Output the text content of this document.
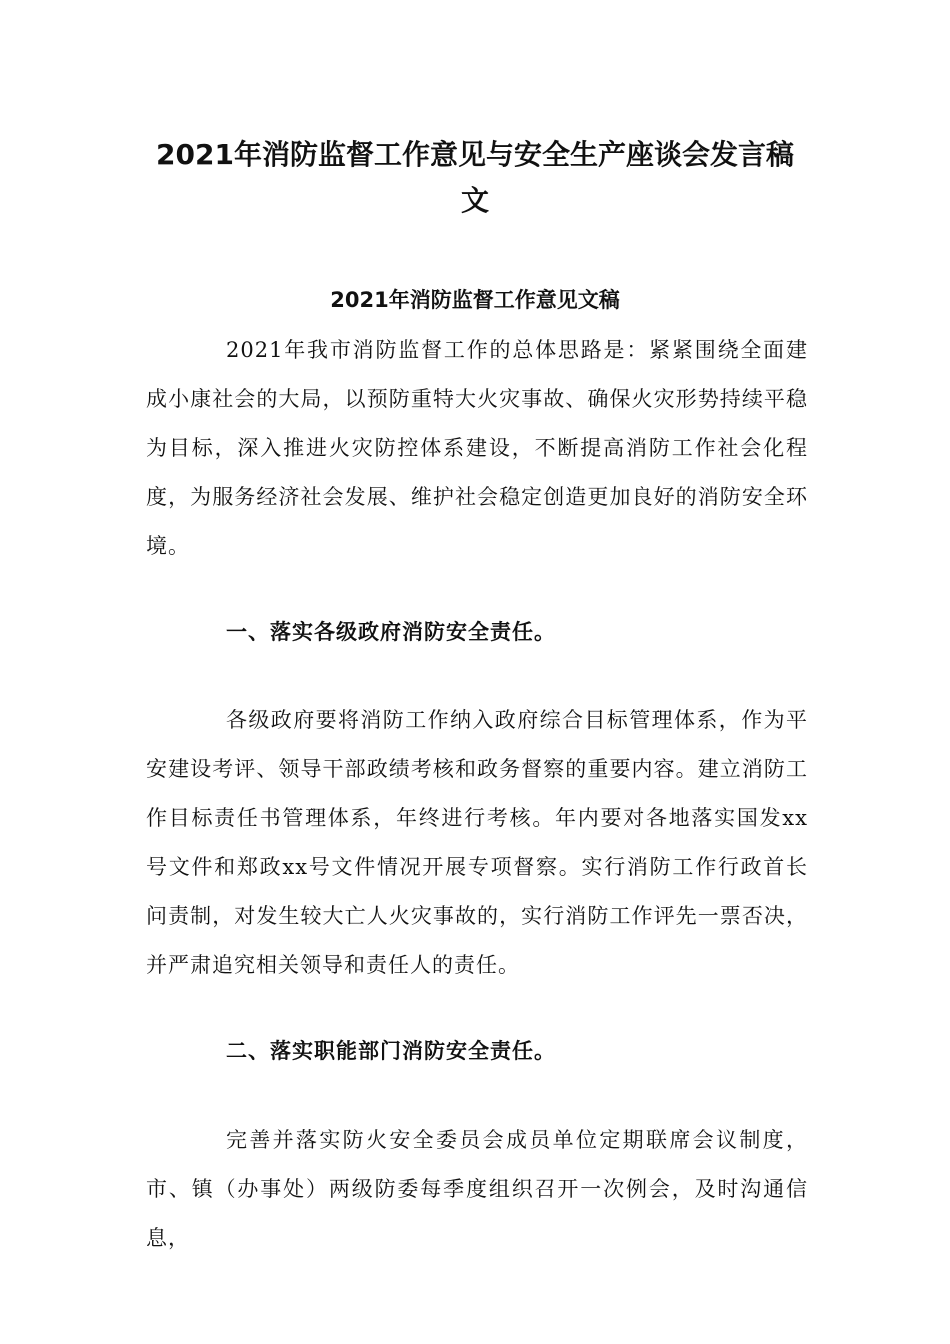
2021年消防监督工作意见与安全生产座谈会发言稿
文
2021年消防监督工作意见文稿

2021年我市消防监督工作的总体思路是：紧紧围绕全面建成小康社会的大局，以预防重特大火灾事故、确保火灾形势持续平稳为目标，深入推进火灾防控体系建设，不断提高消防工作社会化程度，为服务经济社会发展、维护社会稳定创造更加良好的消防安全环境。

一、落实各级政府消防安全责任。

各级政府要将消防工作纳入政府综合目标管理体系，作为平安建设考评、领导干部政绩考核和政务督察的重要内容。建立消防工作目标责任书管理体系，年终进行考核。年内要对各地落实国发xx号文件和郑政xx号文件情况开展专项督察。实行消防工作行政首长问责制，对发生较大亡人火灾事故的，实行消防工作评先一票否决，并严肃追究相关领导和责任人的责任。

二、落实职能部门消防安全责任。

完善并落实防火安全委员会成员单位定期联席会议制度，市、镇（办事处）两级防委每季度组织召开一次例会，及时沟通信息，
